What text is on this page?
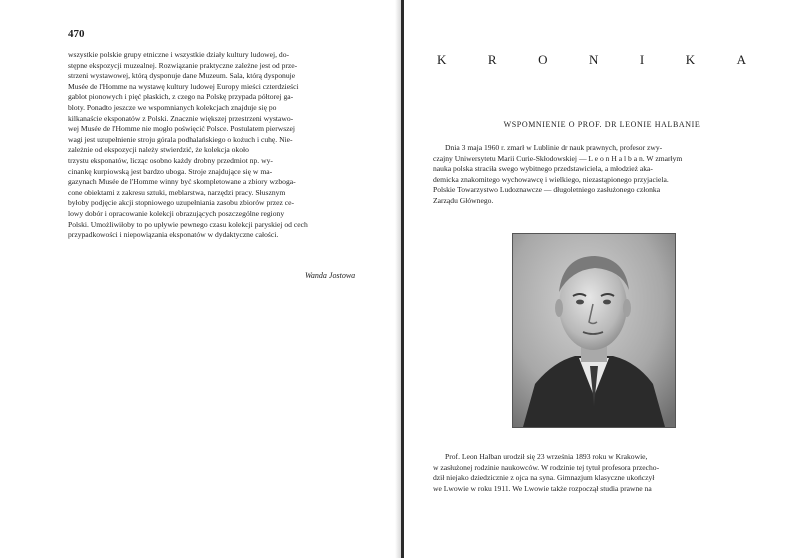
470
wszystkie polskie grupy etniczne i wszystkie działy kultury ludowej, do-
stępne ekspozycji muzealnej. Rozwiązanie praktyczne zależne jest od prze-
strzeni wystawowej, którą dysponuje dane Muzeum. Sala, którą dysponuje
Musée de l'Homme na wystawę kultury ludowej Europy mieści czterdzieści
gablot pionowych i pięć płaskich, z czego na Polskę przypada półtorej ga-
bloty. Ponadto jeszcze we wspomnianych kolekcjach znajduje się po
kilkanaście eksponatów z Polski. Znacznie większej przestrzeni wystawo-
wej Musée de l'Homme nie mogło poświęcić Polsce. Postulatem pierwszej
wagi jest uzupełnienie stroju górala podhalańskiego o kożuch i cuhę. Nie-
zależnie od ekspozycji należy stwierdzić, że kolekcja około
trzystu eksponatów, licząc osobno każdy drobny przedmiot np. wy-
cinankę kurpiowską jest bardzo uboga. Stroje znajdujące się w ma-
gazynach Musée de l'Homme winny być skompletowane a zbiory wzboga-
cone obiektami z zakresu sztuki, meblarstwa, narzędzi pracy. Słusznym
byłoby podjęcie akcji stopniowego uzupełniania zasobu zbiorów przez ce-
lowy dobór i opracowanie kolekcji obrazujących poszczególne regiony
Polski. Umożliwiłoby to po upływie pewnego czasu kolekcji paryskiej od cech
przypadkowości i niepowiązania eksponatów w dydaktyczne całości.
Wanda Jostowa
K	R	O	N	I	K	A
WSPOMNIENIE O PROF. DR LEONIE HALBANIE
Dnia 3 maja 1960 r. zmarł w Lublinie dr nauk prawnych, profesor zwy-
czajny Uniwersytetu Marii Curie-Skłodowskiej — L e o n H a l b a n. W zmarłym
nauka polska straciła swego wybitnego przedstawiciela, a młodzież aka-
demicka znakomitego wychowawcę i wielkiego, niezastąpionego przyjaciela.
Polskie Towarzystwo Ludoznawcze — długoletniego zasłużonego członka
Zarządu Głównego.
Prof. Leon Halban urodził się 23 września 1893 roku w Krakowie,
w zasłużonej rodzinie naukowców. W rodzinie tej tytuł profesora przecho-
dził niejako dziedzicznie z ojca na syna. Gimnazjum klasyczne ukończył
we Lwowie w roku 1911. We Lwowie także rozpoczął studia prawne na
